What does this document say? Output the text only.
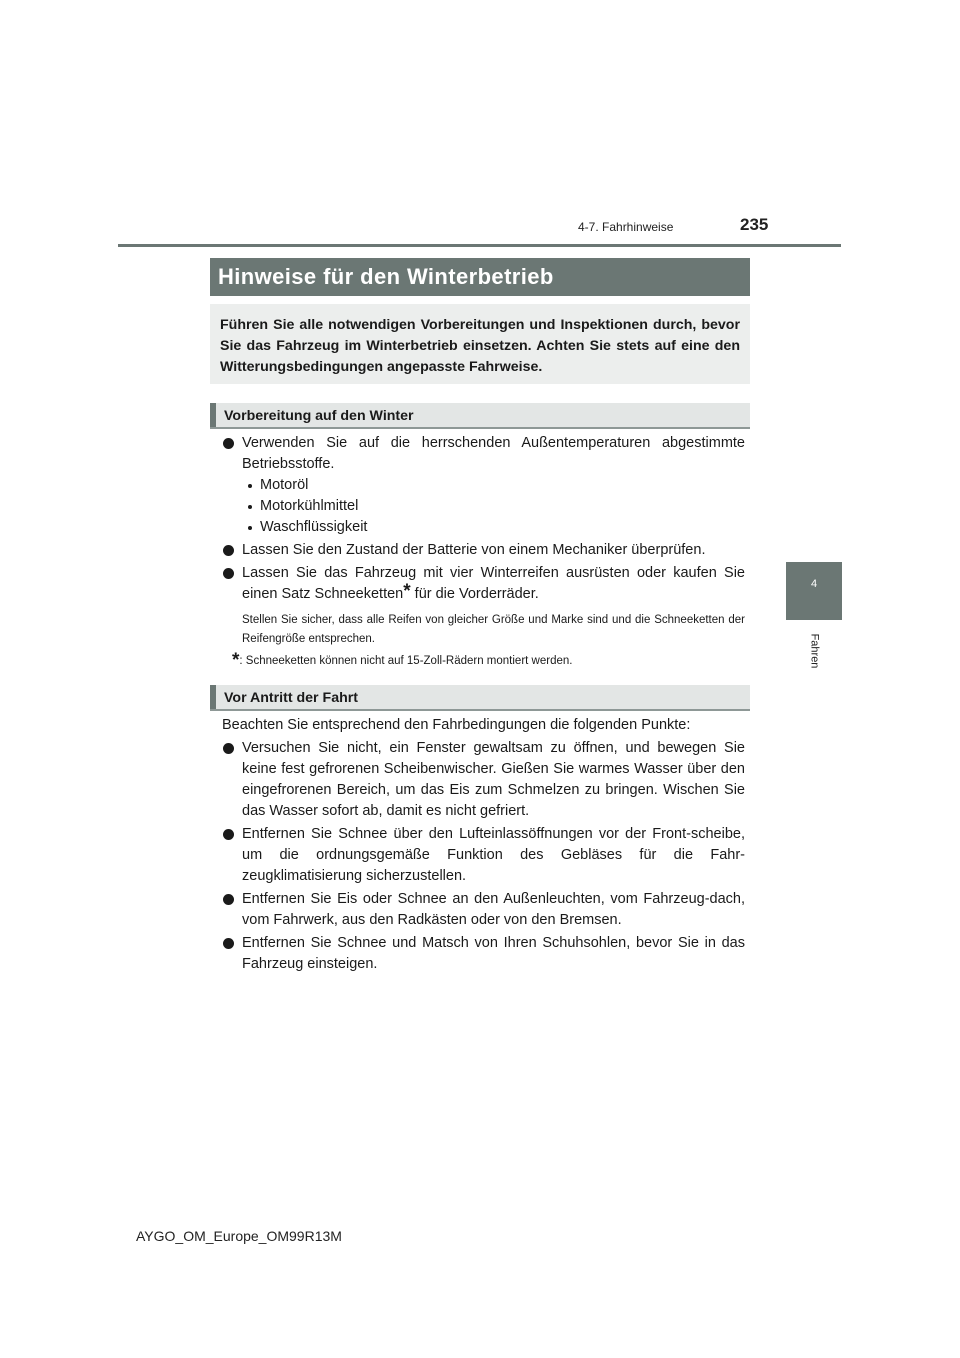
4-7. Fahrhinweise	235
4
Fahren
Hinweise für den Winterbetrieb
Führen Sie alle notwendigen Vorbereitungen und Inspektionen durch, bevor Sie das Fahrzeug im Winterbetrieb einsetzen. Achten Sie stets auf eine den Witterungsbedingungen angepasste Fahrweise.
Vorbereitung auf den Winter
Verwenden Sie auf die herrschenden Außentemperaturen abgestimmte Betriebsstoffe.
Motoröl
Motorkühlmittel
Waschflüssigkeit
Lassen Sie den Zustand der Batterie von einem Mechaniker überprüfen.
Lassen Sie das Fahrzeug mit vier Winterreifen ausrüsten oder kaufen Sie einen Satz Schneeketten* für die Vorderräder.
Stellen Sie sicher, dass alle Reifen von gleicher Größe und Marke sind und die Schneeketten der Reifengröße entsprechen.
*: Schneeketten können nicht auf 15-Zoll-Rädern montiert werden.
Vor Antritt der Fahrt
Beachten Sie entsprechend den Fahrbedingungen die folgenden Punkte:
Versuchen Sie nicht, ein Fenster gewaltsam zu öffnen, und bewegen Sie keine fest gefrorenen Scheibenwischer. Gießen Sie warmes Wasser über den eingefrorenen Bereich, um das Eis zum Schmelzen zu bringen. Wischen Sie das Wasser sofort ab, damit es nicht gefriert.
Entfernen Sie Schnee über den Lufteinlassöffnungen vor der Front-scheibe, um die ordnungsgemäße Funktion des Gebläses für die Fahr-zeugklimatisierung sicherzustellen.
Entfernen Sie Eis oder Schnee an den Außenleuchten, vom Fahrzeug-dach, vom Fahrwerk, aus den Radkästen oder von den Bremsen.
Entfernen Sie Schnee und Matsch von Ihren Schuhsohlen, bevor Sie in das Fahrzeug einsteigen.
AYGO_OM_Europe_OM99R13M
